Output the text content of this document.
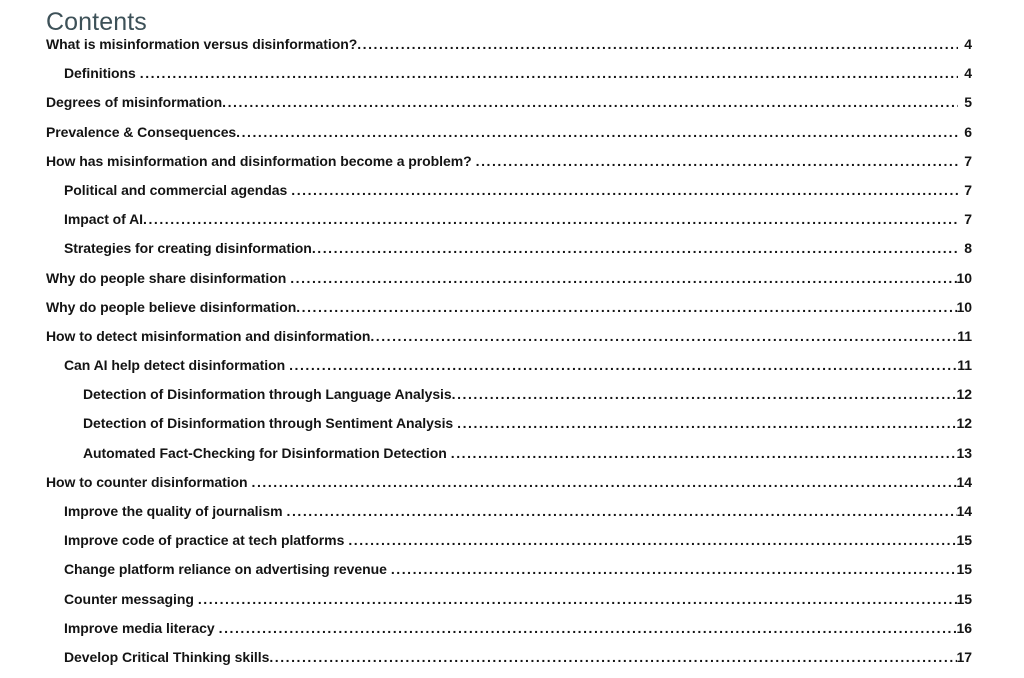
Contents
What is misinformation versus disinformation? .....	4
Definitions .....	4
Degrees of misinformation .....	5
Prevalence & Consequences .....	6
How has misinformation and disinformation become a problem? .....	7
Political and commercial agendas .....	7
Impact of AI .....	7
Strategies for creating disinformation .....	8
Why do people share disinformation .....	10
Why do people believe disinformation .....	10
How to detect misinformation and disinformation .....	11
Can AI help detect disinformation .....	11
Detection of Disinformation through Language Analysis .....	12
Detection of Disinformation through Sentiment Analysis .....	12
Automated Fact-Checking for Disinformation Detection .....	13
How to counter disinformation .....	14
Improve the quality of journalism .....	14
Improve code of practice at tech platforms .....	15
Change platform reliance on advertising revenue .....	15
Counter messaging .....	15
Improve media literacy .....	16
Develop Critical Thinking skills .....	17
